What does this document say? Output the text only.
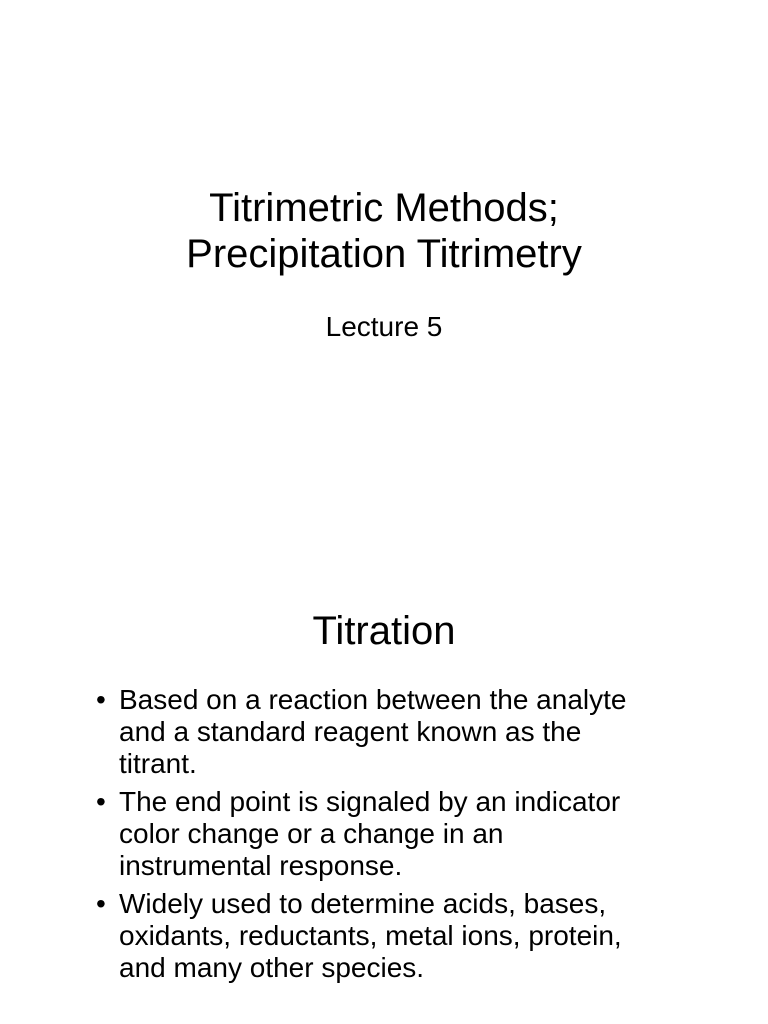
Titrimetric Methods;
Precipitation Titrimetry
Lecture 5
Titration
• Based on a reaction between the analyte
and a standard reagent known as the
titrant.
• The end point is signaled by an indicator
color change or a change in an
instrumental response.
• Widely used to determine acids, bases,
oxidants, reductants, metal ions, protein,
and many other species.
